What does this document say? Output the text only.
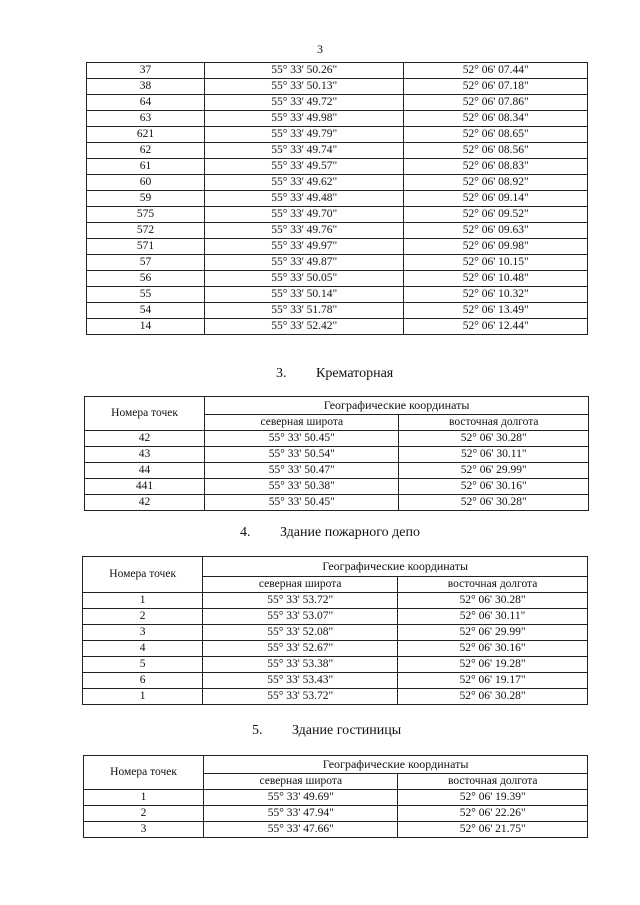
3
37	55° 33' 50.26"	52° 06' 07.44"
38	55° 33' 50.13"	52° 06' 07.18"
64	55° 33' 49.72"	52° 06' 07.86"
63	55° 33' 49.98"	52° 06' 08.34"
621	55° 33' 49.79"	52° 06' 08.65"
62	55° 33' 49.74"	52° 06' 08.56"
61	55° 33' 49.57"	52° 06' 08.83"
60	55° 33' 49.62"	52° 06' 08.92"
59	55° 33' 49.48"	52° 06' 09.14"
575	55° 33' 49.70"	52° 06' 09.52"
572	55° 33' 49.76"	52° 06' 09.63"
571	55° 33' 49.97"	52° 06' 09.98"
57	55° 33' 49.87"	52° 06' 10.15"
56	55° 33' 50.05"	52° 06' 10.48"
55	55° 33' 50.14"	52° 06' 10.32"
54	55° 33' 51.78"	52° 06' 13.49"
14	55° 33' 52.42"	52° 06' 12.44"
3. Крематорная
Номера точек	Географические координаты	
	северная широта	восточная долгота
42	55° 33' 50.45"	52° 06' 30.28"
43	55° 33' 50.54"	52° 06' 30.11"
44	55° 33' 50.47"	52° 06' 29.99"
441	55° 33' 50.38"	52° 06' 30.16"
42	55° 33' 50.45"	52° 06' 30.28"
4. Здание пожарного депо
Номера точек	Географические координаты	
	северная широта	восточная долгота
1	55° 33' 53.72"	52° 06' 30.28"
2	55° 33' 53.07"	52° 06' 30.11"
3	55° 33' 52.08"	52° 06' 29.99"
4	55° 33' 52.67"	52° 06' 30.16"
5	55° 33' 53.38"	52° 06' 19.28"
6	55° 33' 53.43"	52° 06' 19.17"
1	55° 33' 53.72"	52° 06' 30.28"
5. Здание гостиницы
Номера точек	Географические координаты	
	северная широта	восточная долгота
1	55° 33' 49.69"	52° 06' 19.39"
2	55° 33' 47.94"	52° 06' 22.26"
3	55° 33' 47.66"	52° 06' 21.75"
